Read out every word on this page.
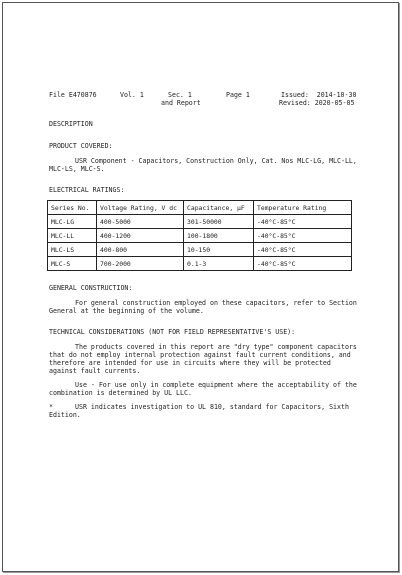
File E470876	Vol. 1	Sec. 1
and Report
Page 1	Issued:  2014-10-30
Revised: 2020-05-05
DESCRIPTION
PRODUCT COVERED:
USR Component - Capacitors, Construction Only, Cat. Nos MLC-LG, MLC-LL,
MLC-LS, MLC-S.
ELECTRICAL RATINGS:
Series No.	Voltage Rating, V dc	Capacitance, μF	Temperature Rating
MLC-LG	400-5000	301-50000	-40°C-85°C
MLC-LL	400-1200	100-1800	-40°C-85°C
MLC-LS	400-800	10-150	-40°C-85°C
MLC-S	700-2000	0.1-3	-40°C-85°C
GENERAL CONSTRUCTION:
For general construction employed on these capacitors, refer to Section
General at the beginning of the volume.
TECHNICAL CONSIDERATIONS (NOT FOR FIELD REPRESENTATIVE'S USE):
The products covered in this report are "dry type" component capacitors
that do not employ internal protection against fault current conditions, and
therefore are intended for use in circuits where they will be protected
against fault currents.
Use - For use only in complete equipment where the acceptability of the
combination is determined by UL LLC.
*	USR indicates investigation to UL 810, standard for Capacitors, Sixth
Edition.
